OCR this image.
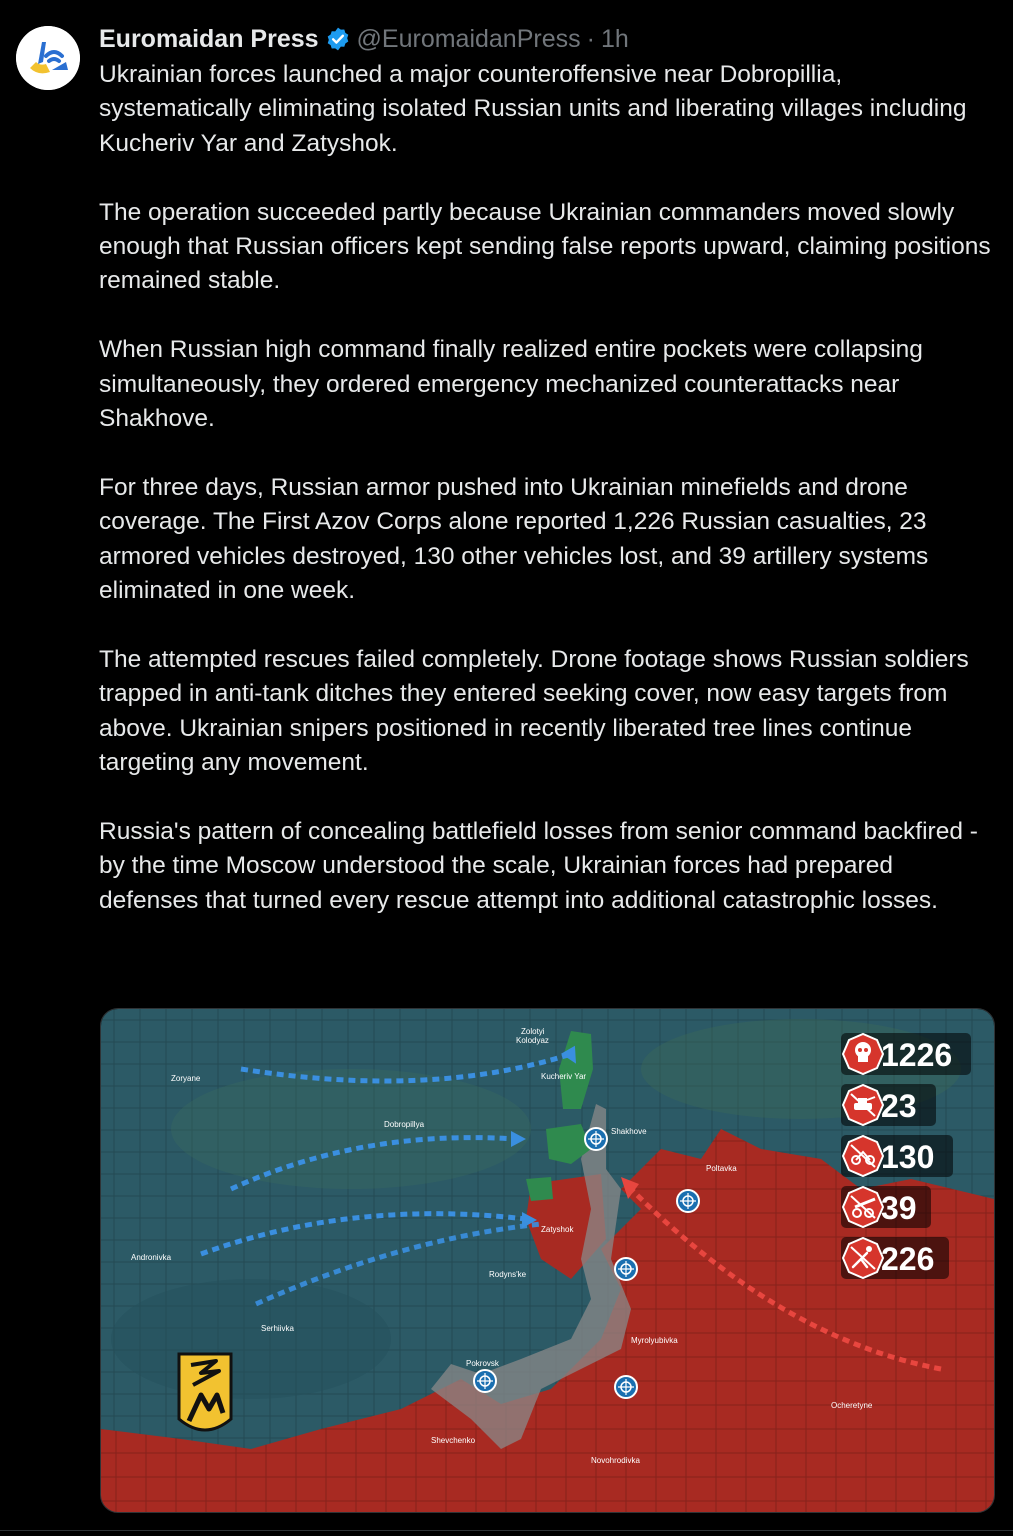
Euromaidan Press @EuromaidanPress · 1h

Ukrainian forces launched a major counteroffensive near Dobropillia, systematically eliminating isolated Russian units and liberating villages including Kucheriv Yar and Zatyshok.

The operation succeeded partly because Ukrainian commanders moved slowly enough that Russian officers kept sending false reports upward, claiming positions remained stable.

When Russian high command finally realized entire pockets were collapsing simultaneously, they ordered emergency mechanized counterattacks near Shakhove.

For three days, Russian armor pushed into Ukrainian minefields and drone coverage. The First Azov Corps alone reported 1,226 Russian casualties, 23 armored vehicles destroyed, 130 other vehicles lost, and 39 artillery systems eliminated in one week.

The attempted rescues failed completely. Drone footage shows Russian soldiers trapped in anti-tank ditches they entered seeking cover, now easy targets from above. Ukrainian snipers positioned in recently liberated tree lines continue targeting any movement.

Russia's pattern of concealing battlefield losses from senior command backfired - by the time Moscow understood the scale, Ukrainian forces had prepared defenses that turned every rescue attempt into additional catastrophic losses.

Zolotyi
Kolodyaz
Zoryane	Kucheriv Yar
Dobropillya
Shakhove
Poltavka
Zatyshok
Andronivka
Rodyns'ke
Serhiivka
Myrolyubivka
Pokrovsk
Shevchenko
Novohrodivka
Ocheretyne
1226
23
130
39
226
